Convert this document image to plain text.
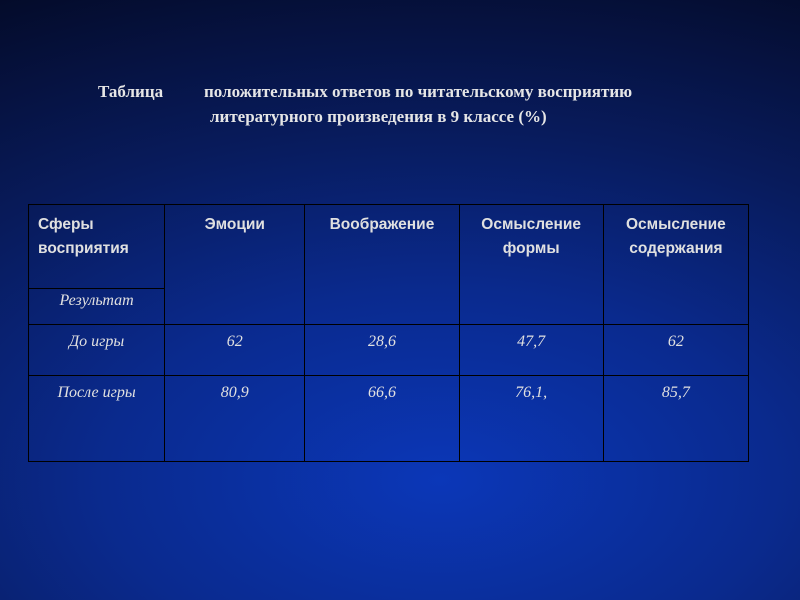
Таблица положительных ответов по читательскому восприятию
литературного произведения в 9 классе (%)
Сферы восприятия	Эмоции	Воображение	Осмысление формы	Осмысление содержания
Результат				
До игры	62	28,6	47,7	62
После игры	80,9	66,6	76,1,	85,7
